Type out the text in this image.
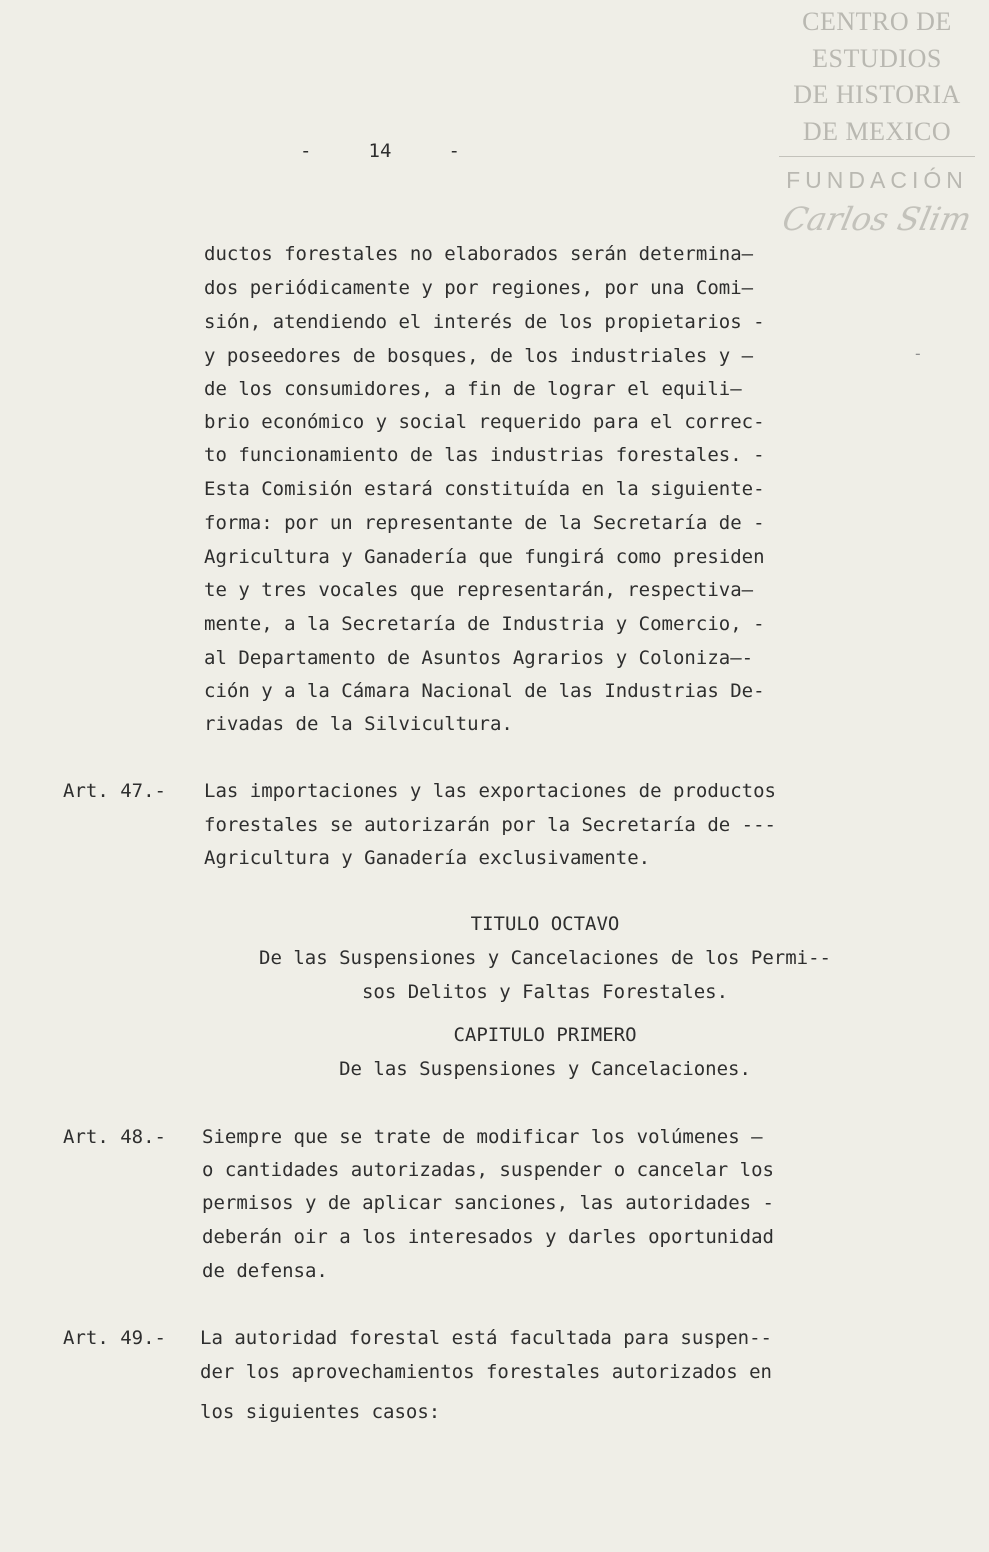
CENTRO DE
ESTUDIOS
DE HISTORIA
DE MEXICO
FUNDACIÓN
Carlos Slim
-	14	-
ductos forestales no elaborados serán determina—
dos periódicamente y por regiones, por una Comi—
sión, atendiendo el interés de los propietarios -
y poseedores de bosques, de los industriales y —
de los consumidores, a fin de lograr el equili—
brio económico y social requerido para el correc-
to funcionamiento de las industrias forestales. -
Esta Comisión estará constituída en la siguiente-
forma: por un representante de la Secretaría de -
Agricultura y Ganadería que fungirá como presiden
te y tres vocales que representarán, respectiva—
mente, a la Secretaría de Industria y Comercio, -
al Departamento de Asuntos Agrarios y Coloniza—-
ción y a la Cámara Nacional de las Industrias De-
rivadas de la Silvicultura.
-
Art. 47.- Las importaciones y las exportaciones de productos
forestales se autorizarán por la Secretaría de ---
Agricultura y Ganadería exclusivamente.
TITULO OCTAVO
De las Suspensiones y Cancelaciones de los Permi--
sos Delitos y Faltas Forestales.
CAPITULO PRIMERO
De las Suspensiones y Cancelaciones.
Art. 48.- Siempre que se trate de modificar los volúmenes —
o cantidades autorizadas, suspender o cancelar los
permisos y de aplicar sanciones, las autoridades -
deberán oir a los interesados y darles oportunidad
de defensa.
Art. 49.- La autoridad forestal está facultada para suspen--
der los aprovechamientos forestales autorizados en
los siguientes casos:
